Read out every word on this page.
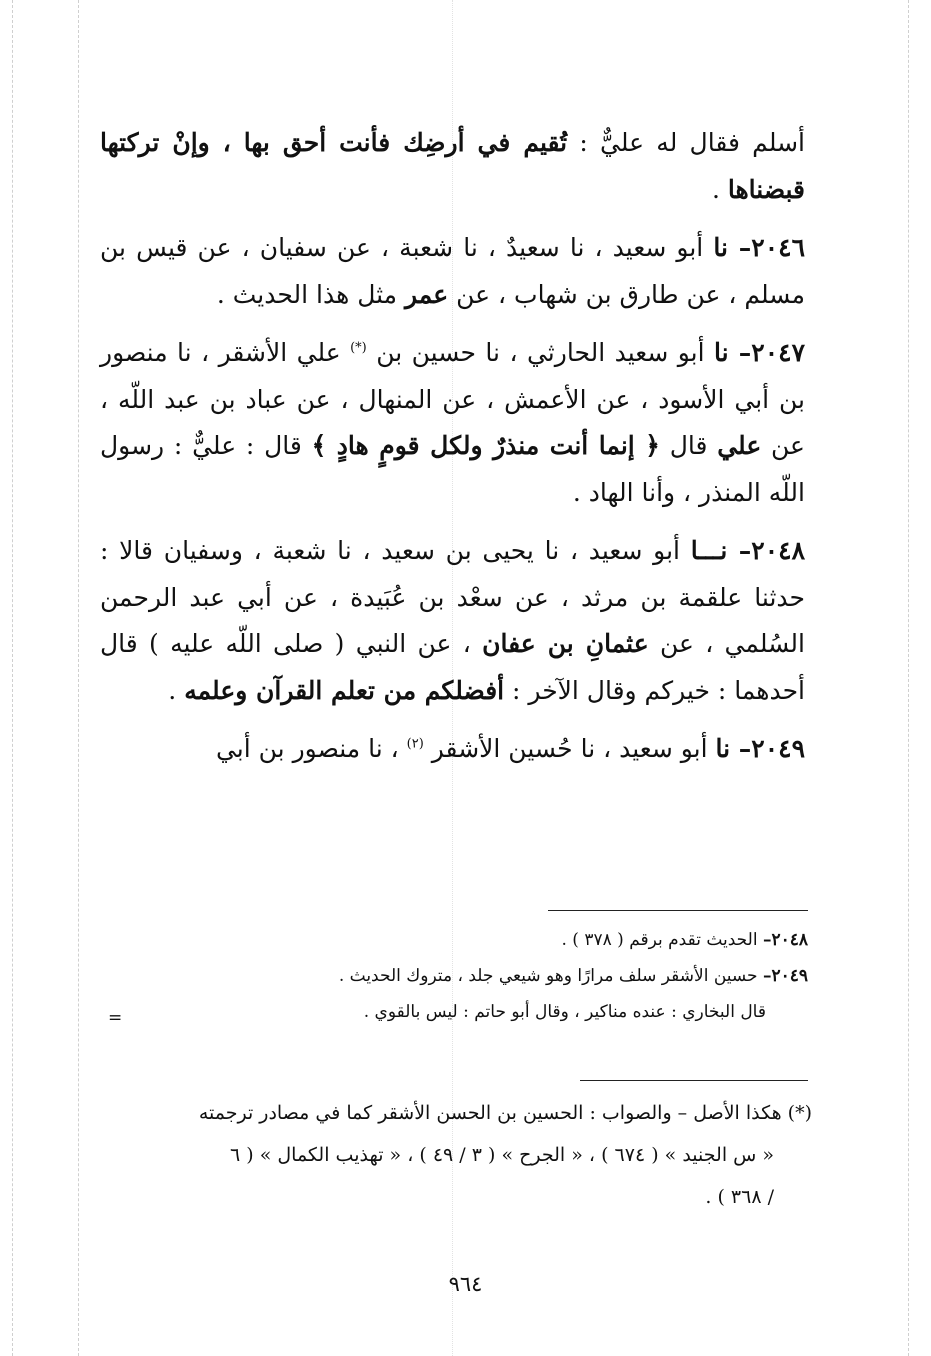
أسلم فقال له عليٌّ : تُقيم في أرضِك فأنت أحق بها ، وإنْ تركتها قبضناها .

٢٠٤٦– نا أبو سعيد ، نا سعيدٌ ، نا شعبة ، عن سفيان ، عن قيس بن مسلم ، عن طارق بن شهاب ، عن عمر مثل هذا الحديث .

٢٠٤٧– نا أبو سعيد الحارثي ، نا حسين بن (*) علي الأشقر ، نا منصور بن أبي الأسود ، عن الأعمش ، عن المنهال ، عن عباد بن عبد اللّه ، عن علي قال ﴿ إنما أنت منذرٌ ولكل قومٍ هادٍ ﴾ قال : عليٌّ : رسول اللّه المنذر ، وأنا الهاد .

٢٠٤٨– نـــا أبو سعيد ، نا يحيى بن سعيد ، نا شعبة ، وسفيان قالا : حدثنا علقمة بن مرثد ، عن سعْد بن عُبَيدة ، عن أبي عبد الرحمن السُلمي ، عن عثمانِ بن عفان ، عن النبي ( صلى اللّه عليه ) قال أحدهما : خيركم وقال الآخر : أفضلكم من تعلم القرآن وعلمه .

٢٠٤٩– نا أبو سعيد ، نا حُسين الأشقر $^{(٢)}$ ، نا منصور بن أبي

٢٠٤٨– الحديث تقدم برقم ( ٣٧٨ ) .

٢٠٤٩– حسين الأشقر سلف مرارًا وهو شيعي جلد ، متروك الحديث .

قال البخاري : عنده مناكير ، وقال أبو حاتم : ليس بالقوي .

=

(*) هكذا الأصل – والصواب : الحسين بن الحسن الأشقر كما في مصادر ترجمته

« س الجنيد » ( ٦٧٤ ) ، « الجرح » ( ٣ / ٤٩ ) ، « تهذيب الكمال » ( ٦

/ ٣٦٨ ) .

٩٦٤
